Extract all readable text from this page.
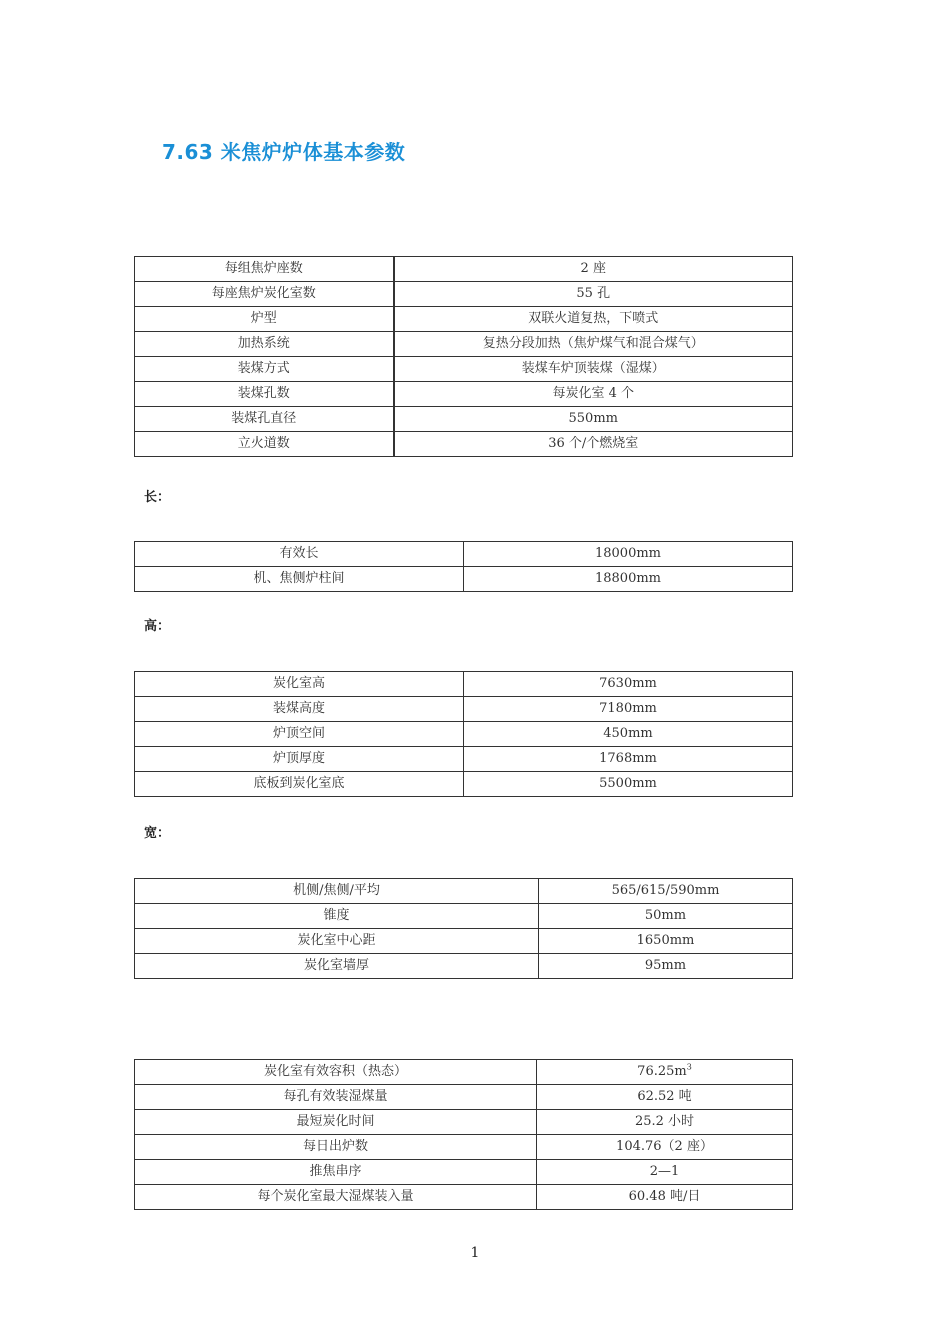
7.63 米焦炉炉体基本参数
每组焦炉座数	2 座
每座焦炉炭化室数	55 孔
炉型	双联火道复热，下喷式
加热系统	复热分段加热（焦炉煤气和混合煤气）
装煤方式	装煤车炉顶装煤（湿煤）
装煤孔数	每炭化室 4 个
装煤孔直径	550mm
立火道数	36 个/个燃烧室
长：
有效长	18000mm
机、焦侧炉柱间	18800mm
高：
炭化室高	7630mm
装煤高度	7180mm
炉顶空间	450mm
炉顶厚度	1768mm
底板到炭化室底	5500mm
宽：
机侧/焦侧/平均	565/615/590mm
锥度	50mm
炭化室中心距	1650mm
炭化室墙厚	95mm
炭化室有效容积（热态）	$76.25m^3$
每孔有效装湿煤量	62.52 吨
最短炭化时间	25.2 小时
每日出炉数	104.76（2 座）
推焦串序	2—1
每个炭化室最大湿煤装入量	60.48 吨/日
1
